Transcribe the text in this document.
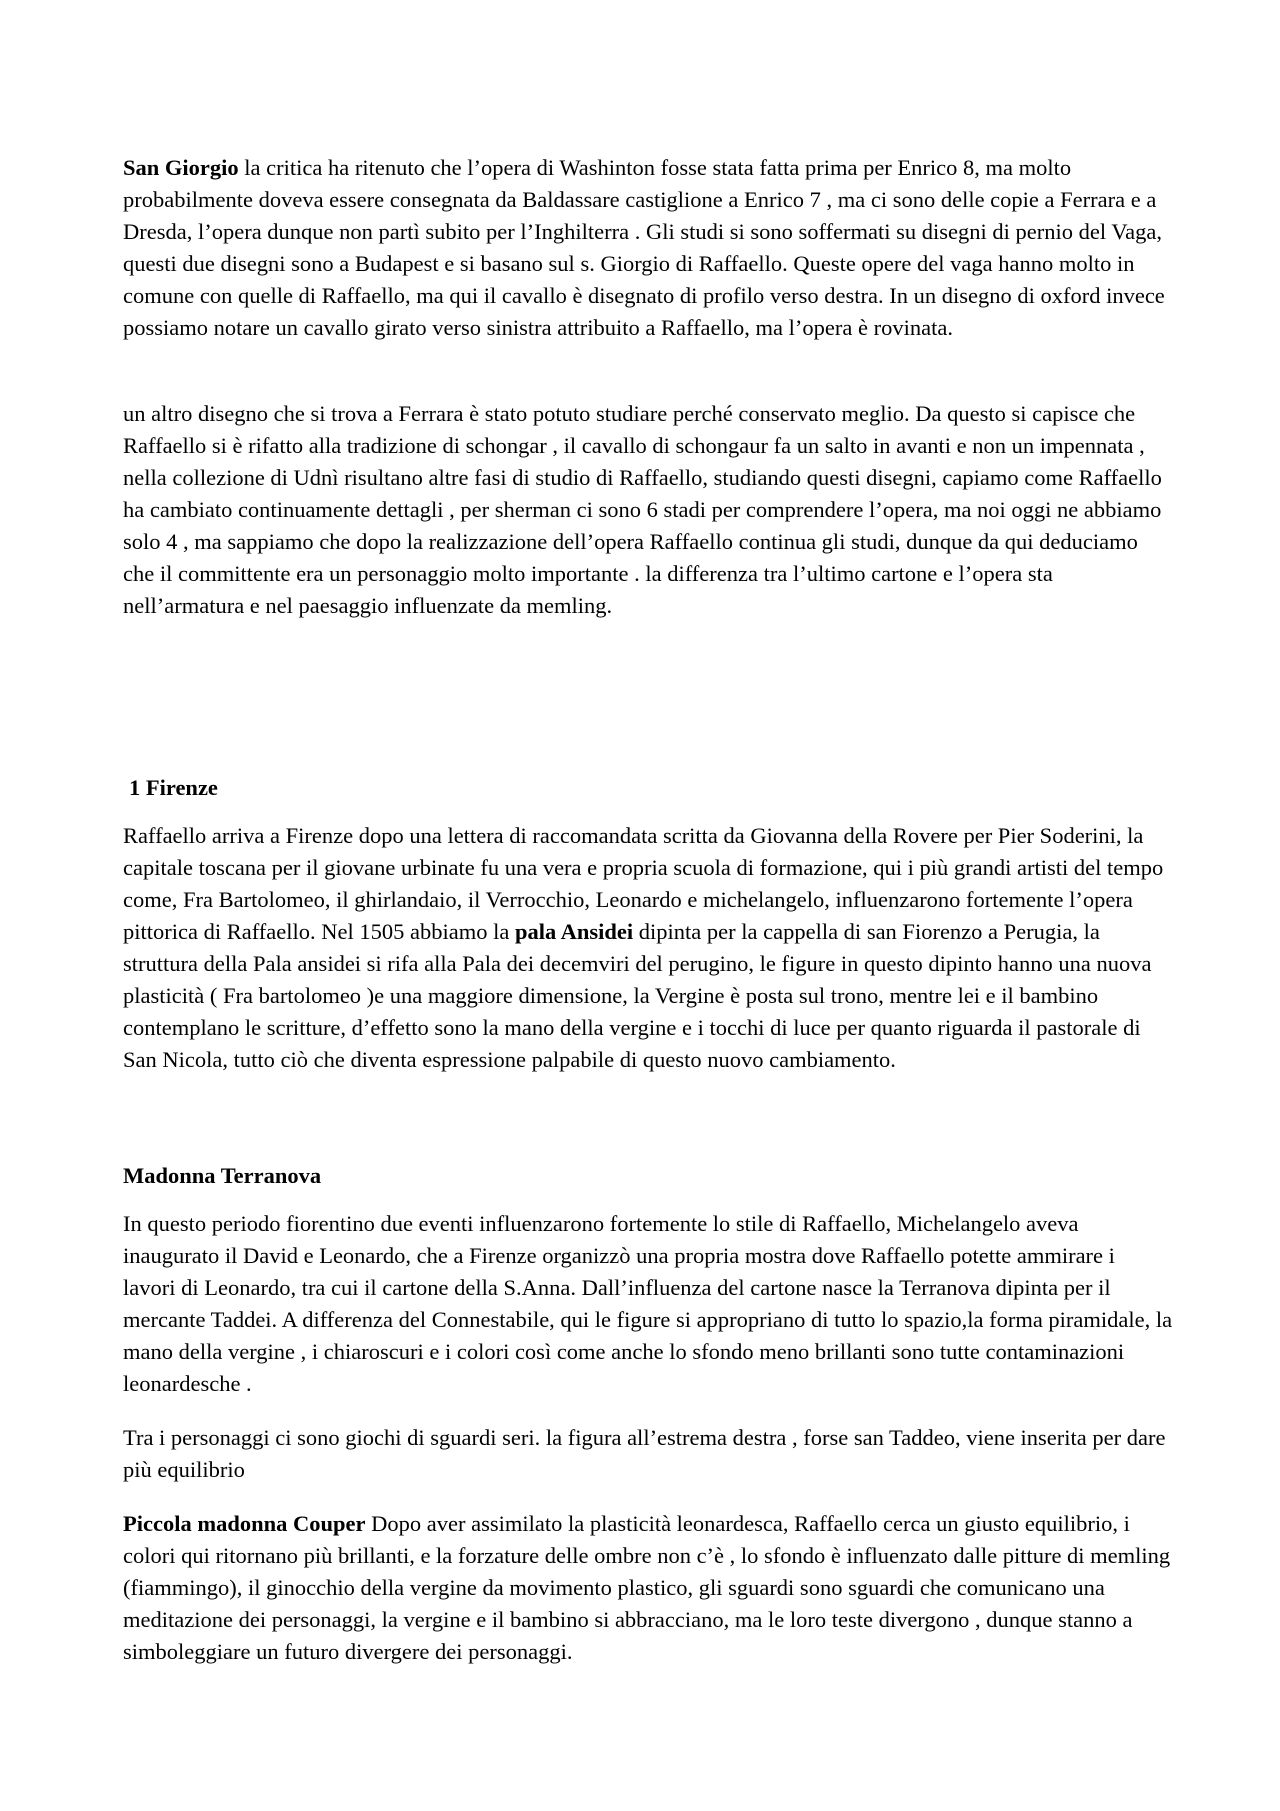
San Giorgio la critica ha ritenuto che l’opera di Washinton fosse stata fatta prima per Enrico 8, ma molto probabilmente doveva essere consegnata da Baldassare castiglione a Enrico 7 , ma ci sono delle copie a Ferrara e a Dresda, l’opera dunque non partì subito per l’Inghilterra . Gli studi si sono soffermati su disegni di pernio del Vaga, questi due disegni sono a Budapest e si basano sul s. Giorgio di Raffaello. Queste opere del vaga hanno molto in comune con quelle di Raffaello, ma qui il cavallo è disegnato di profilo verso destra. In un disegno di oxford invece possiamo notare un cavallo girato verso sinistra attribuito a Raffaello, ma l’opera è rovinata.

un altro disegno che si trova a Ferrara è stato potuto studiare perché conservato meglio. Da questo si capisce che Raffaello si è rifatto alla tradizione di schongar , il cavallo di schongaur fa un salto in avanti e non un impennata , nella collezione di Udnì risultano altre fasi di studio di Raffaello, studiando questi disegni, capiamo come Raffaello ha cambiato continuamente dettagli , per sherman ci sono 6 stadi per comprendere l’opera, ma noi oggi ne abbiamo solo 4 , ma sappiamo che dopo la realizzazione dell’opera Raffaello continua gli studi, dunque da qui deduciamo che il committente era un personaggio molto importante . la differenza tra l’ultimo cartone e l’opera sta nell’armatura e nel paesaggio influenzate da memling.

1 Firenze

Raffaello arriva a Firenze dopo una lettera di raccomandata scritta da Giovanna della Rovere per Pier Soderini, la capitale toscana per il giovane urbinate fu una vera e propria scuola di formazione, qui i più grandi artisti del tempo come, Fra Bartolomeo, il ghirlandaio, il Verrocchio, Leonardo e michelangelo, influenzarono fortemente l’opera pittorica di Raffaello. Nel 1505 abbiamo la pala Ansidei dipinta per la cappella di san Fiorenzo a Perugia, la struttura della Pala ansidei si rifa alla Pala dei decemviri del perugino, le figure in questo dipinto hanno una nuova plasticità ( Fra bartolomeo )e una maggiore dimensione, la Vergine è posta sul trono, mentre lei e il bambino contemplano le scritture, d’effetto sono la mano della vergine e i tocchi di luce per quanto riguarda il pastorale di San Nicola, tutto ciò che diventa espressione palpabile di questo nuovo cambiamento.

Madonna Terranova

In questo periodo fiorentino due eventi influenzarono fortemente lo stile di Raffaello, Michelangelo aveva inaugurato il David e Leonardo, che a Firenze organizzò una propria mostra dove Raffaello potette ammirare i lavori di Leonardo, tra cui il cartone della S.Anna. Dall’influenza del cartone nasce la Terranova dipinta per il mercante Taddei. A differenza del Connestabile, qui le figure si appropriano di tutto lo spazio,la forma piramidale, la mano della vergine , i chiaroscuri e i colori così come anche lo sfondo meno brillanti sono tutte contaminazioni leonardesche .

Tra i personaggi ci sono giochi di sguardi seri. la figura all’estrema destra , forse san Taddeo, viene inserita per dare più equilibrio

Piccola madonna Couper Dopo aver assimilato la plasticità leonardesca, Raffaello cerca un giusto equilibrio, i colori qui ritornano più brillanti, e la forzature delle ombre non c’è , lo sfondo è influenzato dalle pitture di memling (fiammingo), il ginocchio della vergine da movimento plastico, gli sguardi sono sguardi che comunicano una meditazione dei personaggi, la vergine e il bambino si abbracciano, ma le loro teste divergono , dunque stanno a simboleggiare un futuro divergere dei personaggi.
